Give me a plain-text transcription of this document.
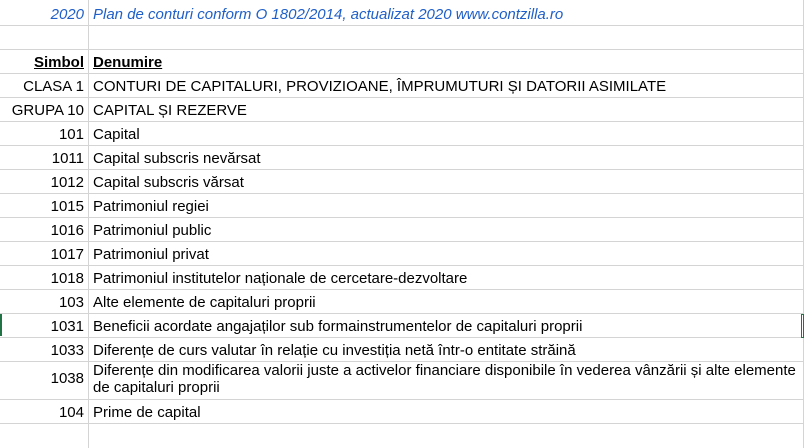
2020 Plan de conturi conform O 1802/2014, actualizat 2020 www.contzilla.ro
Simbol Denumire
CLASA 1 CONTURI DE CAPITALURI, PROVIZIOANE, ÎMPRUMUTURI ȘI DATORII ASIMILATE
GRUPA 10 CAPITAL ȘI REZERVE
101 Capital
1011 Capital subscris nevărsat
1012 Capital subscris vărsat
1015 Patrimoniul regiei
1016 Patrimoniul public
1017 Patrimoniul privat
1018 Patrimoniul institutelor naționale de cercetare-dezvoltare
103 Alte elemente de capitaluri proprii
1031 Beneficii acordate angajaților sub formainstrumentelor de capitaluri proprii
1033 Diferențe de curs valutar în relație cu investiția netă într-o entitate străină
1038 Diferențe din modificarea valorii juste a activelor financiare disponibile în vederea vânzării și alte elemente de capitaluri proprii
104 Prime de capital
